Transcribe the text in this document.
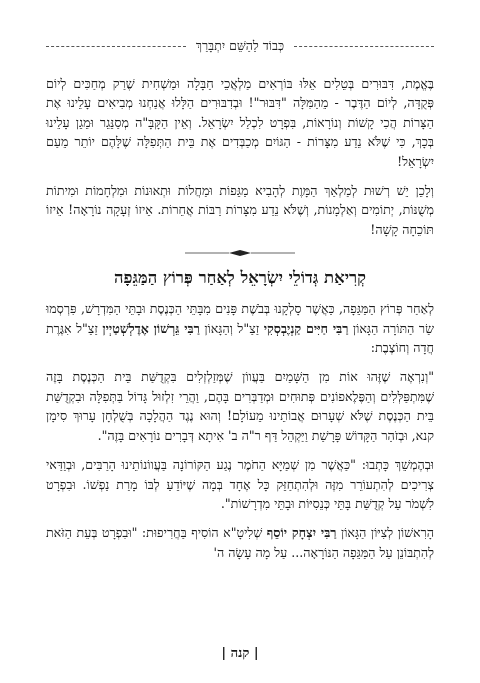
כְּבוֹד לַהַשֵּׁם יִתְבָּרַךְ

בֶּאֱמֶת, דִּבּוּרִים בְּטֵלִים אֵלּוּ בּוֹרְאִים מַלְאֲכֵי חַבָּלָה וּמַשְׁחִית שֶׁרַק מְחַכִּים לְיוֹם פְּקֻדָּה, לְיוֹם הַדֶּבֶר - מֵהַמִּלָּה "דִּבּוּר"! וּבְדִבּוּרִים הַלָּלוּ אֲנַחְנוּ מְבִיאִים עָלֵינוּ אֶת הַצָּרוֹת הֲכִי קָשׁוֹת וְנוֹרָאוֹת, בִּפְרָט לִכְלַל יִשְׂרָאֵל. וְאֵין הַקָּבָּ"ה מְסַנֵּגֵר וּמֵגֵן עָלֵינוּ בְּכָךְ, כִּי שֶׁלֹּא נֵדַע מִצָּרוֹת - הַגּוֹיִם מְכַבְּדִים אֶת בֵּית הַתְּפִלָּה שֶׁלָּהֶם יוֹתֵר מֵעַם יִשְׂרָאֵל!

וְלָכֵן יֵשׁ רְשׁוּת לְמַלְאַךְ הַמָּוֶת לְהָבִיא מַגֵּפוֹת וּמַחֲלוֹת וּתְאוּנוֹת וּמִלְחָמוֹת וּמִיתוֹת מְשֻׁנּוֹת, יְתוֹמִים וְאַלְמָנוֹת, וְשֶׁלֹּא נֵדַע מִצָּרוֹת רַבּוֹת אֲחֵרוֹת. אֵיזוֹ זְעָקָה נוֹרָאָה! אֵיזוֹ תּוֹכֵחָה קָשָׁה!

קְרִיאַת גְּדוֹלֵי יִשְׂרָאֵל לְאַחַר פְּרוֹץ הַמַּגֵּפָה

לְאַחַר פְּרוֹץ הַמַּגֵּפָה, כַּאֲשֶׁר סָלְקָנוּ בְּבֹשֶׁת פָּנִים מִבָּתֵּי הַכְּנֶסֶת וּבָתֵּי הַמִּדְרָשׁ, פִּרְסְמוּ שַׂר הַתּוֹרָה הַגָּאוֹן רַבִּי חַיִּים קַנְיֶבְסְקִי זַצַ"ל וְהַגָּאוֹן רַבִּי גֵּרְשׁוֹן אֶדֶלְשְׁטַיְין זַצַ"ל אִגֶּרֶת חֲדָה וְחוֹצֶבֶת:

"וְנִרְאֶה שֶׁזֶּהוּ אוֹת מִן הַשָּׁמַיִם בַּעֲווֹן שֶׁמְּזַלְזְלִים בִּקְדֻשַּׁת בֵּית הַכְּנֶסֶת בָּזֶה שֶׁמִּתְפַּלְּלִים וְהַפֶּלֶאפוֹנִים פְּתוּחִים וּמְדַבְּרִים בָּהֶם, וַהֲרֵי זִלְזוּל גָּדוֹל בַּתְּפִלָּה וּבִקְדֻשַּׁת בֵּית הַכְּנֶסֶת שֶׁלֹּא שְׁעָרוּם אֲבוֹתֵינוּ מֵעוֹלָם! וְהוּא נֶגֶד הַהֲלָכָה בְּשֻׁלְחָן עָרוּךְ סִימָן קנא, וּבְזֹהַר הַקָּדוֹשׁ פָּרָשַׁת וַיַּקְהֵל דַּף ר"ה ב' אִיתָא דְּבָרִים נוֹרָאִים בָּזֶה".

וּבְהֶמְשֵׁךְ כָּתְבוּ: "כַּאֲשֶׁר מִן שְׁמַיָּא הַחֹמֶר נֶגַע הַקּוֹרוֹנָה בַּעֲווֹנוֹתֵינוּ הָרַבִּים, וּבְוַדַּאי צְרִיכִים לְהִתְעוֹרֵר מִזֶּה וּלְהִתְחַזֵּק כָּל אֶחָד בְּמָה שֶׁיּוֹדֵעַ לְבּוֹ מָרַת נַפְשׁוֹ. וּבִפְרָט לִשְׁמֹר עַל קְדֻשַּׁת בָּתֵּי כְּנֵסִיּוֹת וּבָתֵּי מִדְרָשׁוֹת".

הָרִאשׁוֹן לְצִיּוֹן הַגָּאוֹן רַבִּי יִצְחָק יוֹסֵף שְׁלִיטָ"א הוֹסִיף בַּחֲרִיפוּת: "וּבִפְרָט בְּעֵת הַזֹּאת לְהִתְבּוֹנֵן עַל הַמַּגֵּפָה הַנּוֹרָאָה... עַל מָה עָשָׂה ה'

| קנה |
